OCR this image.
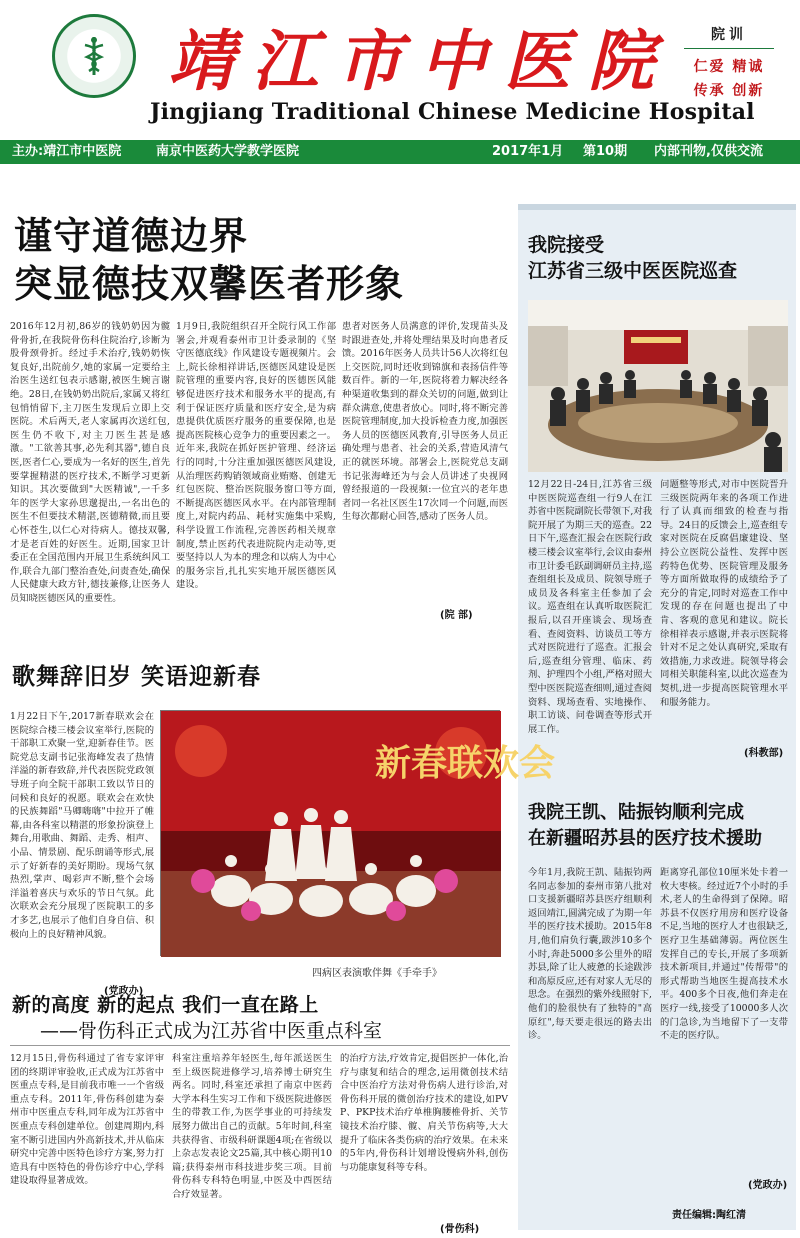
靖江市中医院
Jingjiang Traditional Chinese Medicine Hospital
院训
仁爱 精诚
传承 创新
主办:靖江市中医院	南京中医药大学教学医院	2017年1月 第10期 内部刊物,仅供交流
谨守道德边界
突显德技双馨医者形象
2016年12月初,86岁的钱奶奶因为髋骨骨折,在我院骨伤科住院治疗,诊断为股骨颈骨折。经过手术治疗,钱奶奶恢复良好,出院前夕,她的家属一定要给主治医生送红包表示感谢,被医生婉言谢绝。28日,在钱奶奶出院后,家属又将红包悄悄留下,主刀医生发现后立即上交医院。术后两天,老人家属再次送红包,医生仍不收下,对主刀医生甚是感激。"工欲善其事,必先利其器",德自良医,医者仁心,要成为一名好的医生,首先要掌握精湛的医疗技术,不断学习更新知识。其次要做到"大医精诚",一千多年的医学大家孙思邈提出,一名出色的医生不但要技术精湛,医德精微,而且要心怀苍生,以仁心对待病人。德技双馨,才是老百姓的好医生。近期,国家卫计委正在全国范围内开展卫生系统纠风工作,联合九部门整治查处,问责查处,确保人民健康大政方针,德技兼修,让医务人员知晓医德医风的重要性。
1月9日,我院组织召开全院行风工作部署会,并观看泰州市卫计委录制的《坚守医德底线》作风建设专题视频片。会上,院长徐相祥讲话,医德医风建设是医院管理的重要内容,良好的医德医风能够促进医疗技术和服务水平的提高,有利于保证医疗质量和医疗安全,是为病患提供优质医疗服务的重要保障,也是提高医院核心竞争力的重要因素之一。近年来,我院在抓好医护管理、经济运行的同时,十分注重加强医德医风建设,从治理医药购销领域商业贿赂、创建无红包医院、整治医院服务窗口等方面,不断提高医德医风水平。在内部管理制度上,对院内药品、耗材实施集中采购,科学设置工作流程,完善医药相关规章制度,禁止医药代表进院院内走动等,更要坚持以人为本的理念和以病人为中心的服务宗旨,扎扎实实地开展医德医风建设。
患者对医务人员满意的评价,发现苗头及时跟进查处,并将处理结果及时向患者反馈。2016年医务人员共计56人次将红包上交医院,同时还收到锦旗和表扬信件等数百件。新的一年,医院将着力解决经各种渠道收集到的群众关切的问题,做到让群众满意,使患者放心。同时,将不断完善医院管理制度,加大投诉检查力度,加强医务人员的医德医风教育,引导医务人员正确处理与患者、社会的关系,营造风清气正的就医环境。部署会上,医院党总支副书记张海峰还为与会人员讲述了央视网曾经报道的一段视频:一位宜兴的老年患者同一名社区医生17次同一个问题,而医生每次都耐心回答,感动了医务人员。
(院 部)
我院接受
江苏省三级中医医院巡查
12月22日-24日,江苏省三级中医医院巡查组一行9人在江苏省中医院副院长带领下,对我院开展了为期三天的巡查。22日下午,巡查汇报会在医院行政楼三楼会议室举行,会议由泰州市卫计委毛跃副调研员主持,巡查组组长及成员、院领导班子成员及各科室主任参加了会议。巡查组在认真听取医院汇报后,以召开座谈会、现场查看、查阅资料、访谈员工等方式对医院进行了巡查。汇报会后,巡查组分管理、临床、药剂、护理四个小组,严格对照大型中医医院巡查细则,通过查阅资料、现场查看、实地操作、职工访谈、问卷调查等形式开展工作。
问题整等形式,对市中医院晋升三级医院两年来的各项工作进行了认真而细致的检查与指导。24日的反馈会上,巡查组专家对医院在反腐倡廉建设、坚持公立医院公益性、发挥中医药特色优势、医院管理及服务等方面所做取得的成绩给予了充分的肯定,同时对巡查工作中发现的存在问题也提出了中肯、客观的意见和建议。院长徐相祥表示感谢,并表示医院将针对不足之处认真研究,采取有效措施,力求改进。院领导将会同相关职能科室,以此次巡查为契机,进一步提高医院管理水平和服务能力。
(科教部)
我院王凯、陆振钧顺利完成
在新疆昭苏县的医疗技术援助
今年1月,我院王凯、陆振钧两名同志参加的泰州市第八批对口支援新疆昭苏县医疗组顺利返回靖江,圆满完成了为期一年半的医疗技术援助。2015年8月,他们肩负行囊,跋涉10多个小时,奔赴5000多公里外的昭苏县,除了让人疲惫的长途跋涉和高原反应,还有对家人无尽的思念。在强烈的紫外线照射下,他们的脸很快有了独特的"高原红",每天要走很远的路去出诊。
距离穿孔部位10厘米处卡着一枚大枣核。经过近7个小时的手术,老人的生命得到了保障。昭苏县不仅医疗用房和医疗设备不足,当地的医疗人才也很缺乏,医疗卫生基础薄弱。两位医生发挥自己的专长,开展了多项新技术新项目,并通过"传帮带"的形式帮助当地医生提高技术水平。400多个日夜,他们奔走在医疗一线,接受了10000多人次的门急诊,为当地留下了一支带不走的医疗队。
(党政办)
责任编辑:陶红清
歌舞辞旧岁 笑语迎新春
1月22日下午,2017新春联欢会在医院综合楼三楼会议室举行,医院的干部职工欢聚一堂,迎新春佳节。医院党总支副书记张海峰发表了热情洋溢的新春致辞,并代表医院党政领导班子向全院干部职工致以节日的问候和良好的祝愿。联欢会在欢快的民族舞蹈"马卿嗨嗨"中拉开了帷幕,由各科室以精湛的形象扮演登上舞台,用歌曲、舞蹈、走秀、相声、小品、情景剧、配乐朗诵等形式,展示了好新春的美好期盼。现场气氛热烈,掌声、喝彩声不断,整个会场洋溢着喜庆与欢乐的节日气氛。此次联欢会充分展现了医院职工的多才多艺,也展示了他们自身自信、积极向上的良好精神风貌。
(党政办)
新春联欢会
四病区表演歌伴舞《手牵手》
新的高度 新的起点 我们一直在路上
——骨伤科正式成为江苏省中医重点科室
12月15日,骨伤科通过了省专家评审团的终期评审验收,正式成为江苏省中医重点专科,是目前我市唯一一个省级重点专科。2011年,骨伤科创建为泰州市中医重点专科,同年成为江苏省中医重点专科创建单位。创建周期内,科室不断引进国内外高新技术,并从临床研究中完善中医特色诊疗方案,努力打造具有中医特色的骨伤诊疗中心,学科建设取得显著成效。
科室注重培养年轻医生,每年派送医生至上级医院进修学习,培养博士研究生两名。同时,科室还承担了南京中医药大学本科生实习工作和下级医院进修医生的带教工作,为医学事业的可持续发展努力做出自己的贡献。5年时间,科室共获得省、市级科研课题4项;在省级以上杂志发表论文25篇,其中核心期刊10篇;获得泰州市科技进步奖三项。目前骨伤科专科特色明显,中医及中西医结合疗效显著。
的治疗方法,疗效肯定,提倡医护一体化,治疗与康复和结合的理念,运用微创技术结合中医治疗方法对骨伤病人进行诊治,对骨伤科开展的微创治疗技术的建设,如PVP、PKP技术治疗单椎胸腰椎骨折、关节镜技术治疗膝、髋、肩关节伤病等,大大提升了临床各类伤病的治疗效果。在未来的5年内,骨伤科计划增设慢病外科,创伤与功能康复科等专科。
(骨伤科)
